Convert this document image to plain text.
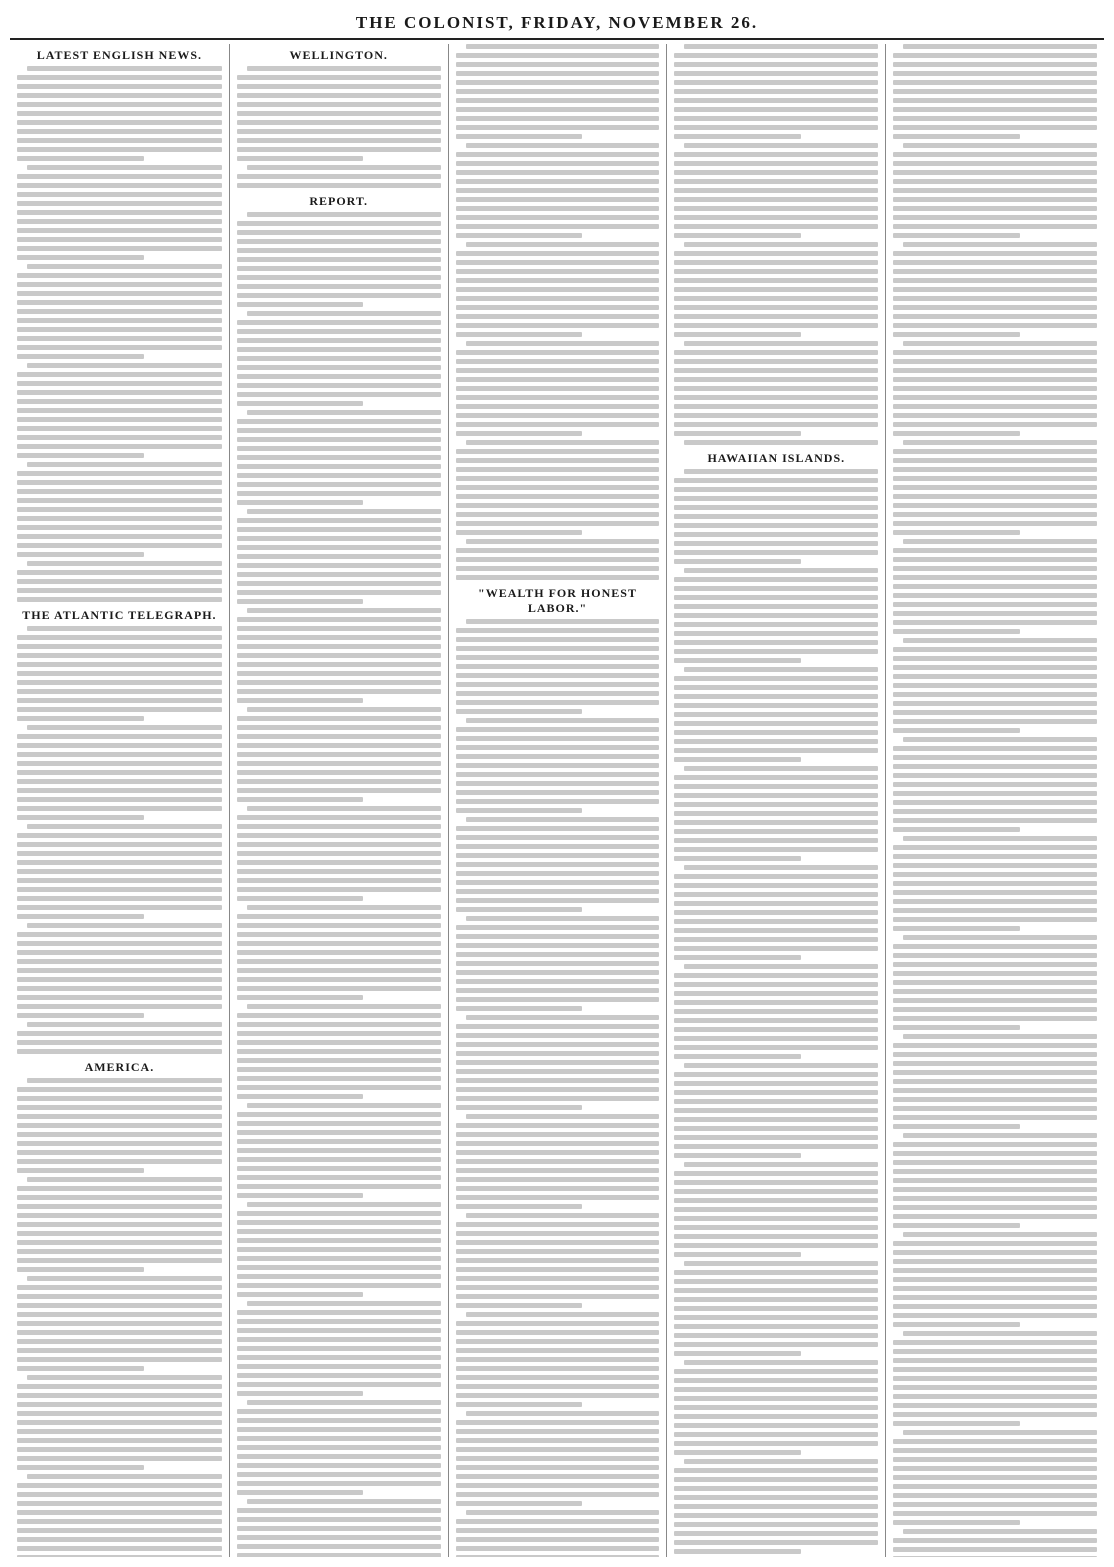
THE COLONIST, FRIDAY, NOVEMBER 26.
LATEST ENGLISH NEWS.
THE ATLANTIC TELEGRAPH.
AMERICA.
WELLINGTON.
REPORT.
"WEALTH FOR HONEST LABOR."
HAWAIIAN ISLANDS.
